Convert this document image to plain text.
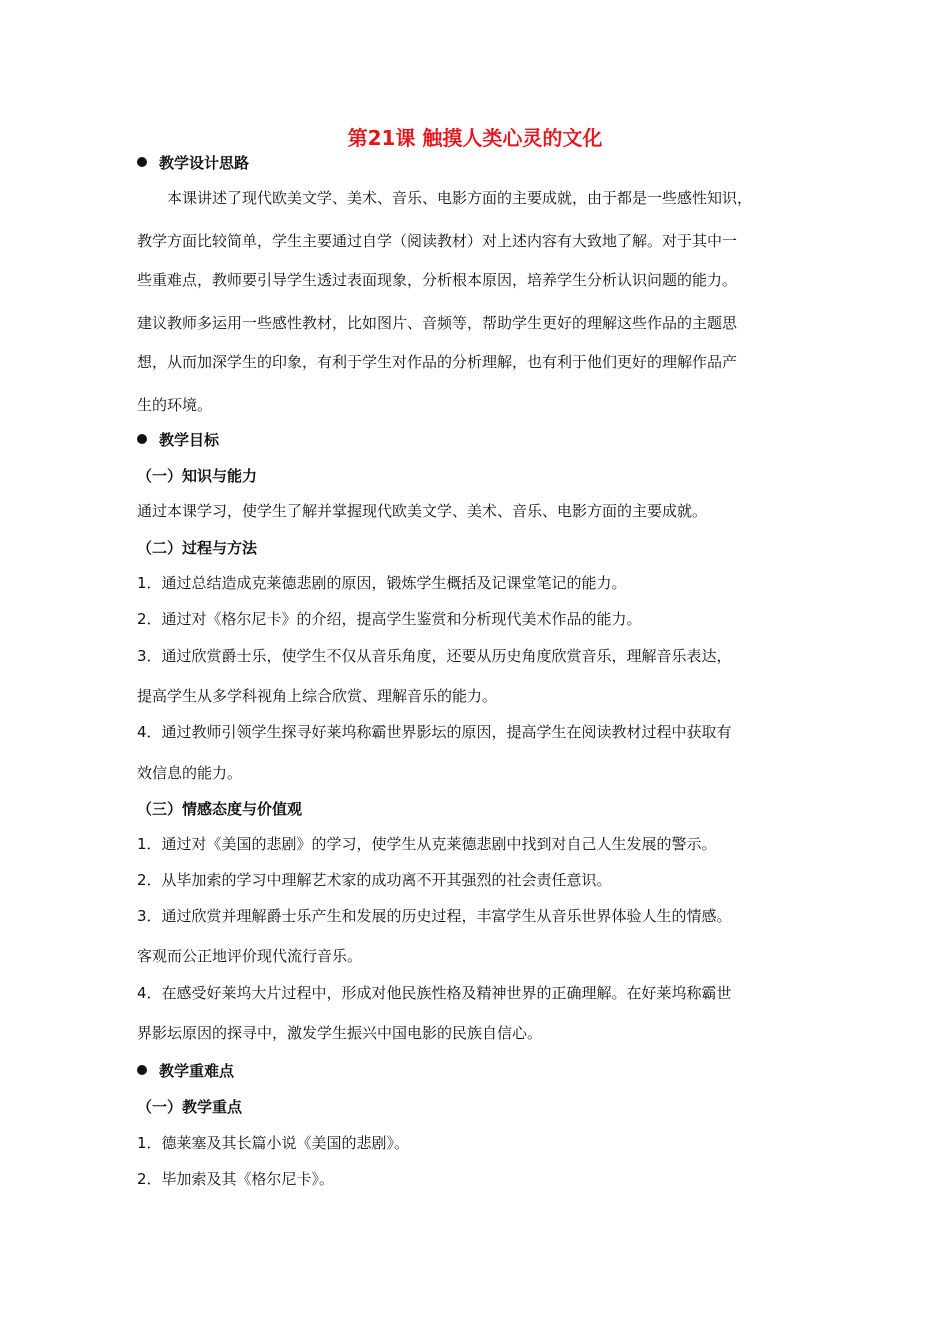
第21课 触摸人类心灵的文化
教学设计思路
本课讲述了现代欧美文学、美术、音乐、电影方面的主要成就，由于都是一些感性知识，
教学方面比较简单，学生主要通过自学（阅读教材）对上述内容有大致地了解。对于其中一
些重难点，教师要引导学生透过表面现象，分析根本原因，培养学生分析认识问题的能力。
建议教师多运用一些感性教材，比如图片、音频等，帮助学生更好的理解这些作品的主题思
想，从而加深学生的印象，有利于学生对作品的分析理解，也有利于他们更好的理解作品产
生的环境。
教学目标
（一）知识与能力
通过本课学习，使学生了解并掌握现代欧美文学、美术、音乐、电影方面的主要成就。
（二）过程与方法
1．通过总结造成克莱德悲剧的原因，锻炼学生概括及记课堂笔记的能力。
2．通过对《格尔尼卡》的介绍，提高学生鉴赏和分析现代美术作品的能力。
3．通过欣赏爵士乐，使学生不仅从音乐角度，还要从历史角度欣赏音乐，理解音乐表达，
提高学生从多学科视角上综合欣赏、理解音乐的能力。
4．通过教师引领学生探寻好莱坞称霸世界影坛的原因，提高学生在阅读教材过程中获取有
效信息的能力。
（三）情感态度与价值观
1．通过对《美国的悲剧》的学习，使学生从克莱德悲剧中找到对自己人生发展的警示。
2．从毕加索的学习中理解艺术家的成功离不开其强烈的社会责任意识。
3．通过欣赏并理解爵士乐产生和发展的历史过程，丰富学生从音乐世界体验人生的情感。
客观而公正地评价现代流行音乐。
4．在感受好莱坞大片过程中，形成对他民族性格及精神世界的正确理解。在好莱坞称霸世
界影坛原因的探寻中，激发学生振兴中国电影的民族自信心。
教学重难点
（一）教学重点
1．德莱塞及其长篇小说《美国的悲剧》。
2．毕加索及其《格尔尼卡》。
